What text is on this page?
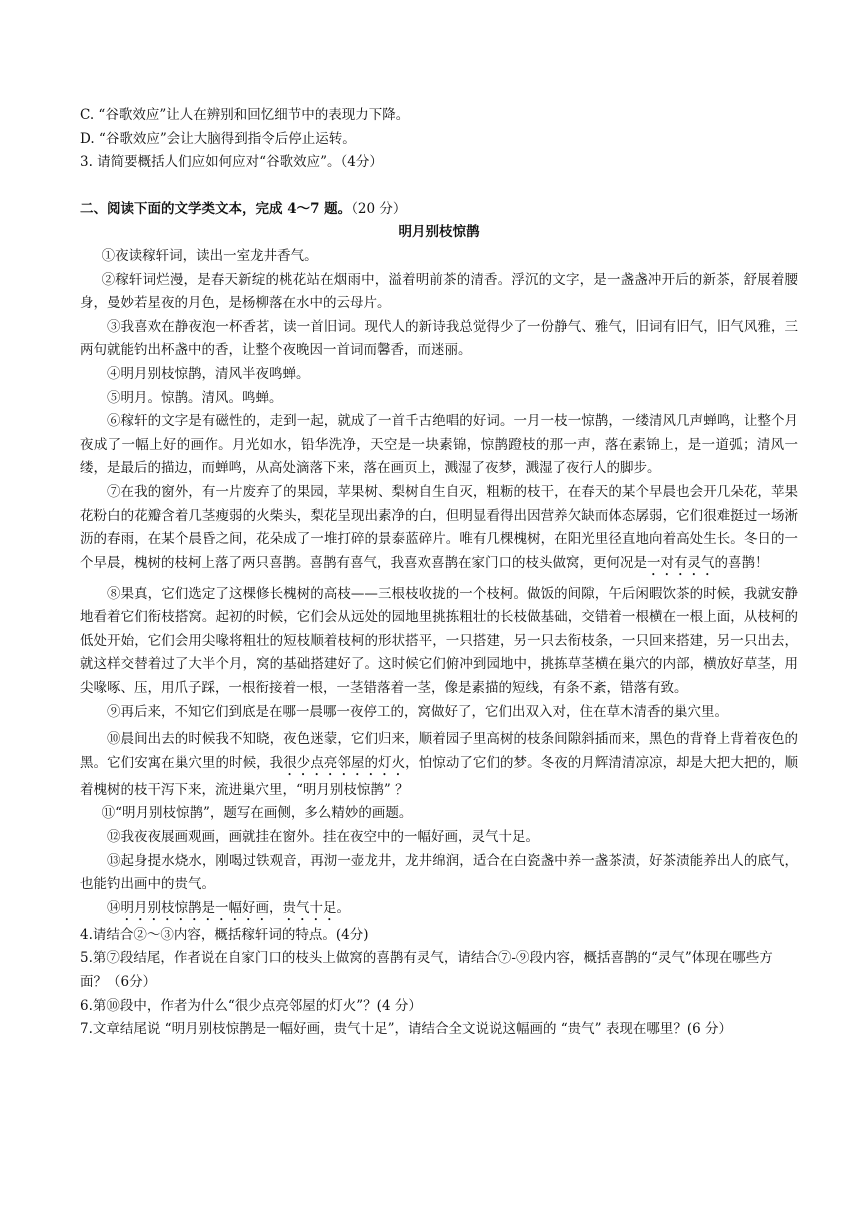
C. “谷歌效应”让人在辨别和回忆细节中的表现力下降。

D. “谷歌效应”会让大脑得到指令后停止运转。

3. 请简要概括人们应如何应对“谷歌效应”。（4分）

二、阅读下面的文学类文本，完成 4～7 题。（20 分）

明月别枝惊鹊

①夜读稼轩词，读出一室龙井香气。

②稼轩词烂漫，是春天新绽的桃花站在烟雨中，溢着明前茶的清香。浮沉的文字，是一盏盏冲开后的新茶，舒展着腰身，曼妙若星夜的月色，是杨柳落在水中的云母片。

③我喜欢在静夜泡一杯香茗，读一首旧词。现代人的新诗我总觉得少了一份静气、雅气，旧词有旧气，旧气风雅，三两句就能钓出杯盏中的香，让整个夜晚因一首词而馨香，而迷丽。

④明月别枝惊鹊，清风半夜鸣蝉。

⑤明月。惊鹊。清风。鸣蝉。

⑥稼轩的文字是有磁性的，走到一起，就成了一首千古绝唱的好词。一月一枝一惊鹊，一缕清风几声蝉鸣，让整个月夜成了一幅上好的画作。月光如水，铅华洗净，天空是一块素锦，惊鹊蹬枝的那一声，落在素锦上，是一道弧；清风一缕，是最后的描边，而蝉鸣，从高处滴落下来，落在画页上，溅湿了夜梦，溅湿了夜行人的脚步。

⑦在我的窗外，有一片废弃了的果园，苹果树、梨树自生自灭，粗粝的枝干，在春天的某个早晨也会开几朵花，苹果花粉白的花瓣含着几茎瘦弱的火柴头，梨花呈现出素净的白，但明显看得出因营养欠缺而体态孱弱，它们很难挺过一场淅沥的春雨，在某个晨昏之间，花朵成了一堆打碎的景泰蓝碎片。唯有几棵槐树，在阳光里径直地向着高处生长。冬日的一个早晨，槐树的枝柯上落了两只喜鹊。喜鹊有喜气，我喜欢喜鹊在家门口的枝头做窝，更何况是一对有灵气的喜鹊！

⑧果真，它们选定了这棵修长槐树的高枝——三根枝收拢的一个枝柯。做饭的间隙，午后闲暇饮茶的时候，我就安静地看着它们衔枝搭窝。起初的时候，它们会从远处的园地里挑拣粗壮的长枝做基础，交错着一根横在一根上面，从枝柯的低处开始，它们会用尖喙将粗壮的短枝顺着枝柯的形状搭平，一只搭建，另一只去衔枝条，一只回来搭建，另一只出去，就这样交替着过了大半个月，窝的基础搭建好了。这时候它们俯冲到园地中，挑拣草茎横在巢穴的内部，横放好草茎，用尖喙啄、压，用爪子踩，一根衔接着一根，一茎错落着一茎，像是素描的短线，有条不紊，错落有致。

⑨再后来，不知它们到底是在哪一晨哪一夜停工的，窝做好了，它们出双入对，住在草木清香的巢穴里。

⑩晨间出去的时候我不知晓，夜色迷蒙，它们归来，顺着园子里高树的枝条间隙斜插而来，黑色的背脊上背着夜色的黑。它们安寓在巢穴里的时候，我很少点亮邻屋的灯火，怕惊动了它们的梦。冬夜的月辉清清凉凉，却是大把大把的，顺着槐树的枝干泻下来，流进巢穴里，“明月别枝惊鹊” ？

⑪“明月别枝惊鹊”，题写在画侧，多么精妙的画题。

⑫我夜夜展画观画，画就挂在窗外。挂在夜空中的一幅好画，灵气十足。

⑬起身提水烧水，刚喝过铁观音，再沏一壶龙井，龙井绵润，适合在白瓷盏中养一盏茶渍，好茶渍能养出人的底气，也能钓出画中的贵气。

⑭明月别枝惊鹊是一幅好画，贵气十足。

4.请结合②～③内容，概括稼轩词的特点。(4分)

5.第⑦段结尾，作者说在自家门口的枝头上做窝的喜鹊有灵气，请结合⑦-⑨段内容，概括喜鹊的“灵气”体现在哪些方面？（6分）

6.第⑩段中，作者为什么“很少点亮邻屋的灯火”？(4 分）

7.文章结尾说 “明月别枝惊鹊是一幅好画，贵气十足”，请结合全文说说这幅画的 “贵气” 表现在哪里？(6 分）
